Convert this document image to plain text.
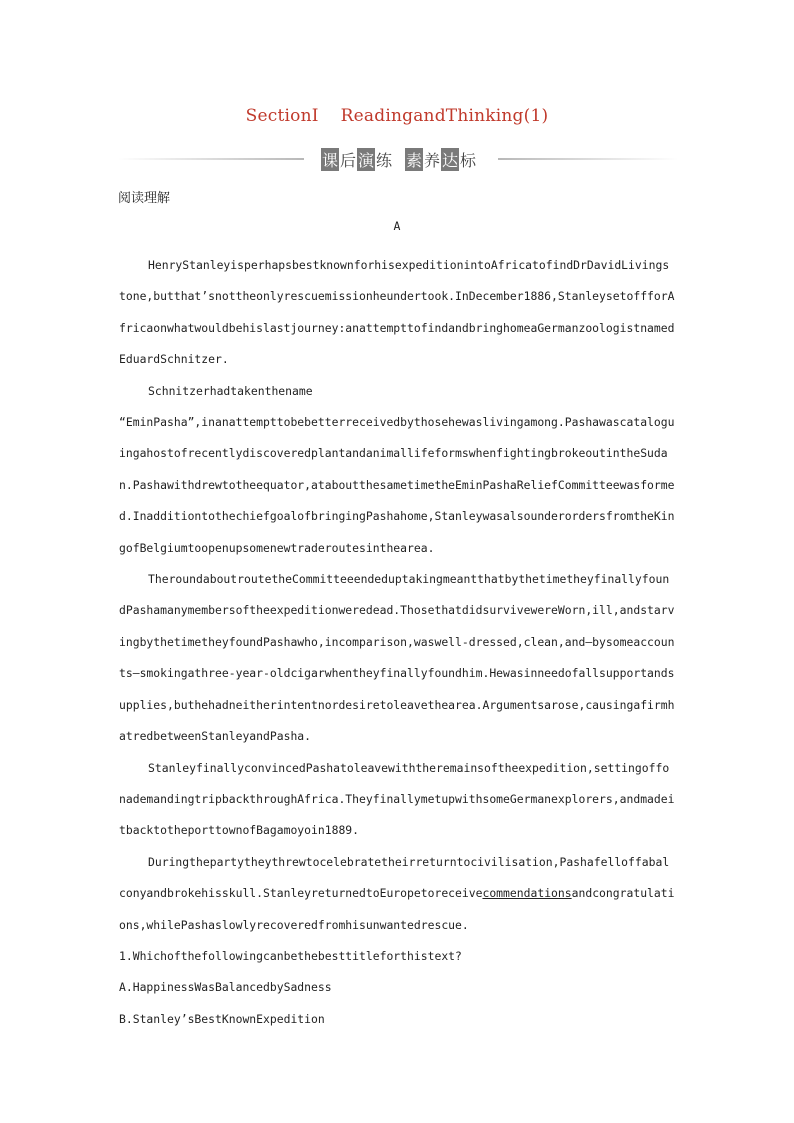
SectionⅠ ReadingandThinking(1)
课 后 演 练 素 养 达 标
阅读理解
A

HenryStanleyisperhapsbestknownforhisexpeditionintoAfricatofindDrDavidLivingstone,butthat’snottheonlyrescuemissionheundertook.InDecember1886,StanleysetoffforAfricaonwhatwouldbehislastjourney:anattempttofindandbringhomeaGermanzoologistnamedEduardSchnitzer.

Schnitzerhadtakenthename

“EminPasha”,inanattempttobebetterreceivedbythosehewaslivingamong.PashawascataloguingahostofrecentlydiscoveredplantandanimallifeformswhenfightingbrokeoutintheSudan.Pashawithdrewtotheequator,ataboutthesametimetheEminPashaReliefCommitteewasformed.InadditiontothechiefgoalofbringingPashahome,StanleywasalsounderordersfromtheKingofBelgiumtoopenupsomenewtraderoutesinthearea.

TheroundaboutroutetheCommitteeendeduptakingmeantthatbythetimetheyfinallyfoundPashamanymembersoftheexpeditionweredead.ThosethatdidsurvivewereWorn,ill,andstarvingbythetimetheyfoundPashawho,incomparison,waswell-dressed,clean,and—bysomeaccounts—smokingathree-year-oldcigarwhentheyfinallyfoundhim.Hewasinneedofallsupportandsupplies,buthehadneitherintentnordesiretoleavethearea.Argumentsarose,causingafirmhatredbetweenStanleyandPasha.

StanleyfinallyconvincedPashatoleavewiththeremainsoftheexpedition,settingoffonademandingtripbackthroughAfrica.TheyfinallymetupwithsomeGermanexplorers,andmadeitbacktotheporttownofBagamoyoin1889.

Duringthepartytheythrewtocelebratetheirreturntocivilisation,Pashafelloffabalconyandbrokehisskull.StanleyreturnedtoEuropetoreceivecommendationsandcongratulations,whilePashaslowlyrecoveredfromhisunwantedrescue.

1.Whichofthefollowingcanbethebesttitleforthistext?
A.HappinessWasBalancedbySadness
B.Stanley’sBestKnownExpedition
